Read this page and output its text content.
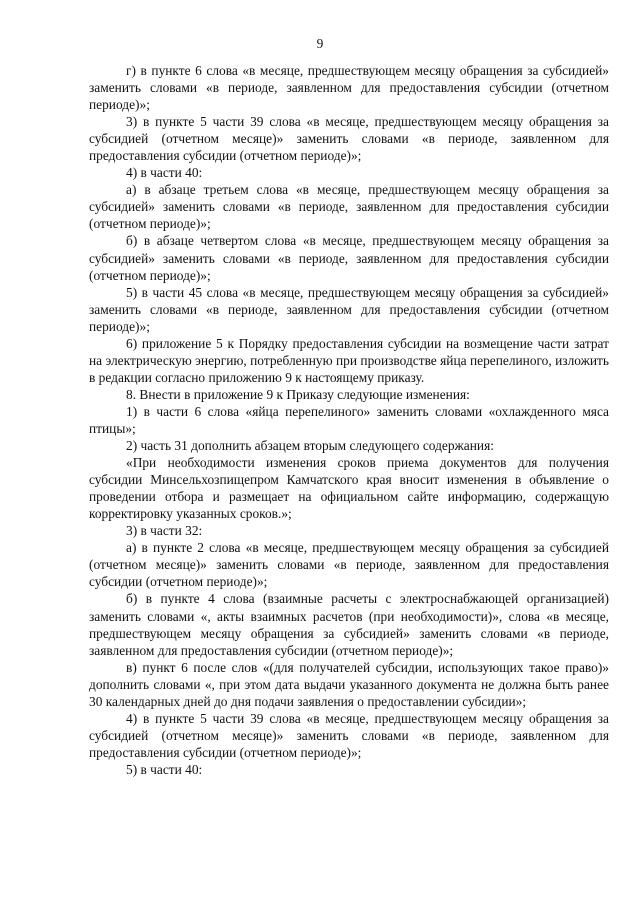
9

г) в пункте 6 слова «в месяце, предшествующем месяцу обращения за субсидией» заменить словами «в периоде, заявленном для предоставления субсидии (отчетном периоде)»;

3) в пункте 5 части 39 слова «в месяце, предшествующем месяцу обращения за субсидией (отчетном месяце)» заменить словами «в периоде, заявленном для предоставления субсидии (отчетном периоде)»;

4) в части 40:

а) в абзаце третьем слова «в месяце, предшествующем месяцу обращения за субсидией» заменить словами «в периоде, заявленном для предоставления субсидии (отчетном периоде)»;

б) в абзаце четвертом слова «в месяце, предшествующем месяцу обращения за субсидией» заменить словами «в периоде, заявленном для предоставления субсидии (отчетном периоде)»;

5) в части 45 слова «в месяце, предшествующем месяцу обращения за субсидией» заменить словами «в периоде, заявленном для предоставления субсидии (отчетном периоде)»;

6) приложение 5 к Порядку предоставления субсидии на возмещение части затрат на электрическую энергию, потребленную при производстве яйца перепелиного, изложить в редакции согласно приложению 9 к настоящему приказу.

8. Внести в приложение 9 к Приказу следующие изменения:

1) в части 6 слова «яйца перепелиного» заменить словами «охлажденного мяса птицы»;

2) часть 31 дополнить абзацем вторым следующего содержания:

«При необходимости изменения сроков приема документов для получения субсидии Минсельхозпищепром Камчатского края вносит изменения в объявление о проведении отбора и размещает на официальном сайте информацию, содержащую корректировку указанных сроков.»;

3) в части 32:

а) в пункте 2 слова «в месяце, предшествующем месяцу обращения за субсидией (отчетном месяце)» заменить словами «в периоде, заявленном для предоставления субсидии (отчетном периоде)»;

б) в пункте 4 слова (взаимные расчеты с электроснабжающей организацией) заменить словами «, акты взаимных расчетов (при необходимости)», слова «в месяце, предшествующем месяцу обращения за субсидией» заменить словами «в периоде, заявленном для предоставления субсидии (отчетном периоде)»;

в) пункт 6 после слов «(для получателей субсидии, использующих такое право)» дополнить словами «, при этом дата выдачи указанного документа не должна быть ранее 30 календарных дней до дня подачи заявления о предоставлении субсидии»;

4) в пункте 5 части 39 слова «в месяце, предшествующем месяцу обращения за субсидией (отчетном месяце)» заменить словами «в периоде, заявленном для предоставления субсидии (отчетном периоде)»;

5) в части 40:
